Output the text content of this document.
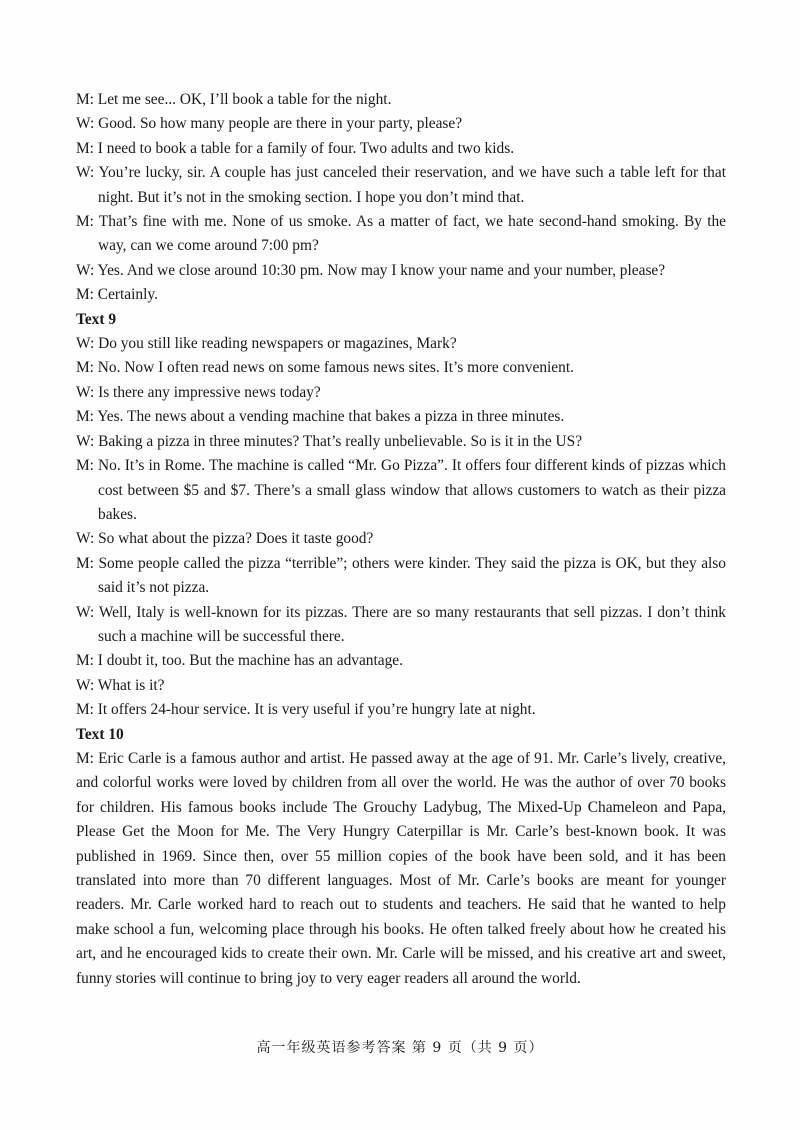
M: Let me see... OK, I’ll book a table for the night.

W: Good. So how many people are there in your party, please?

M: I need to book a table for a family of four. Two adults and two kids.

W: You’re lucky, sir. A couple has just canceled their reservation, and we have such a table left for that night. But it’s not in the smoking section. I hope you don’t mind that.

M: That’s fine with me. None of us smoke. As a matter of fact, we hate second-hand smoking. By the way, can we come around 7:00 pm?

W: Yes. And we close around 10:30 pm. Now may I know your name and your number, please?

M: Certainly.

Text 9

W: Do you still like reading newspapers or magazines, Mark?

M: No. Now I often read news on some famous news sites. It’s more convenient.

W: Is there any impressive news today?

M: Yes. The news about a vending machine that bakes a pizza in three minutes.

W: Baking a pizza in three minutes? That’s really unbelievable. So is it in the US?

M: No. It’s in Rome. The machine is called “Mr. Go Pizza”. It offers four different kinds of pizzas which cost between $5 and $7. There’s a small glass window that allows customers to watch as their pizza bakes.

W: So what about the pizza? Does it taste good?

M: Some people called the pizza “terrible”; others were kinder. They said the pizza is OK, but they also said it’s not pizza.

W: Well, Italy is well-known for its pizzas. There are so many restaurants that sell pizzas. I don’t think such a machine will be successful there.

M: I doubt it, too. But the machine has an advantage.

W: What is it?

M: It offers 24-hour service. It is very useful if you’re hungry late at night.

Text 10

M: Eric Carle is a famous author and artist. He passed away at the age of 91. Mr. Carle’s lively, creative, and colorful works were loved by children from all over the world. He was the author of over 70 books for children. His famous books include The Grouchy Ladybug, The Mixed-Up Chameleon and Papa, Please Get the Moon for Me. The Very Hungry Caterpillar is Mr. Carle’s best-known book. It was published in 1969. Since then, over 55 million copies of the book have been sold, and it has been translated into more than 70 different languages. Most of Mr. Carle’s books are meant for younger readers. Mr. Carle worked hard to reach out to students and teachers. He said that he wanted to help make school a fun, welcoming place through his books. He often talked freely about how he created his art, and he encouraged kids to create their own. Mr. Carle will be missed, and his creative art and sweet, funny stories will continue to bring joy to very eager readers all around the world.

高一年级英语参考答案 第 9 页（共 9 页）
